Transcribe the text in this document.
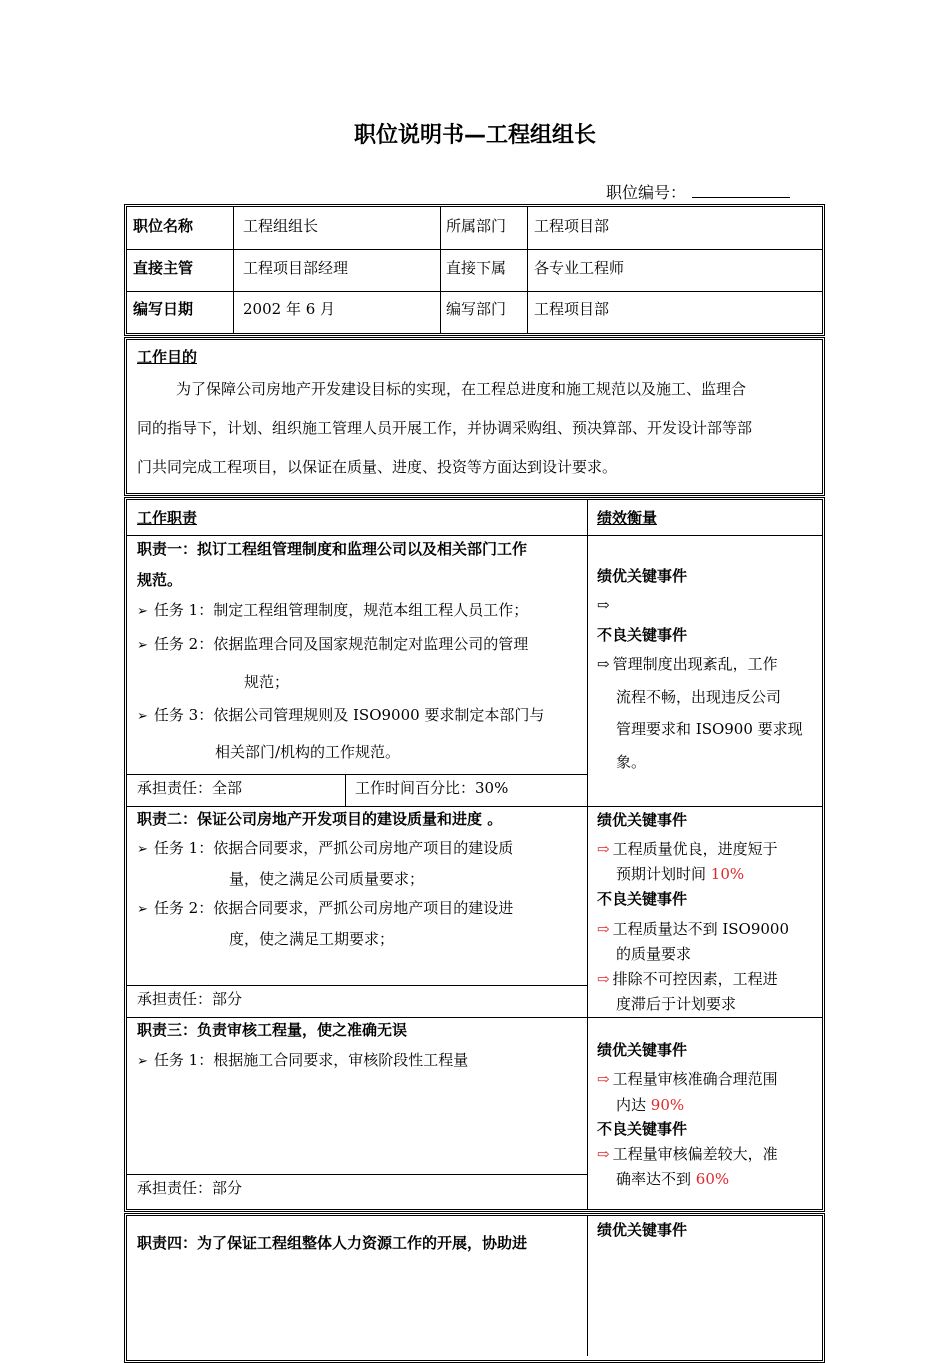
职位说明书—工程组组长
职位编号：
职位名称	工程组组长	所属部门 工程项目部
直接主管	工程项目部经理	直接下属 各专业工程师
编写日期	2002 年 6 月	编写部门 工程项目部
工作目的
为了保障公司房地产开发建设目标的实现，在工程总进度和施工规范以及施工、监理合
同的指导下，计划、组织施工管理人员开展工作，并协调采购组、预决算部、开发设计部等部
门共同完成工程项目，以保证在质量、进度、投资等方面达到设计要求。
工作职责	绩效衡量
职责一：拟订工程组管理制度和监理公司以及相关部门工作
规范。
➢ 任务 1：制定工程组管理制度，规范本组工程人员工作；
➢ 任务 2：依据监理合同及国家规范制定对监理公司的管理
规范；
➢ 任务 3：依据公司管理规则及 ISO9000 要求制定本部门与
相关部门/机构的工作规范。
承担责任：全部	工作时间百分比：30%
绩优关键事件
⇨
不良关键事件
⇨ 管理制度出现紊乱，工作
流程不畅，出现违反公司
管理要求和 ISO900 要求现
象。
职责二：保证公司房地产开发项目的建设质量和进度 。
➢ 任务 1：依据合同要求，严抓公司房地产项目的建设质
量，使之满足公司质量要求；
➢ 任务 2：依据合同要求，严抓公司房地产项目的建设进
度，使之满足工期要求；
承担责任：部分
绩优关键事件
⇨ 工程质量优良，进度短于
预期计划时间 10%
不良关键事件
⇨ 工程质量达不到 ISO9000
的质量要求
⇨ 排除不可控因素，工程进
度滞后于计划要求
职责三：负责审核工程量，使之准确无误
➢ 任务 1：根据施工合同要求，审核阶段性工程量
承担责任：部分
绩优关键事件
⇨ 工程量审核准确合理范围
内达 90%
不良关键事件
⇨ 工程量审核偏差较大，准
确率达不到 60%
职责四：为了保证工程组整体人力资源工作的开展，协助进
绩优关键事件
